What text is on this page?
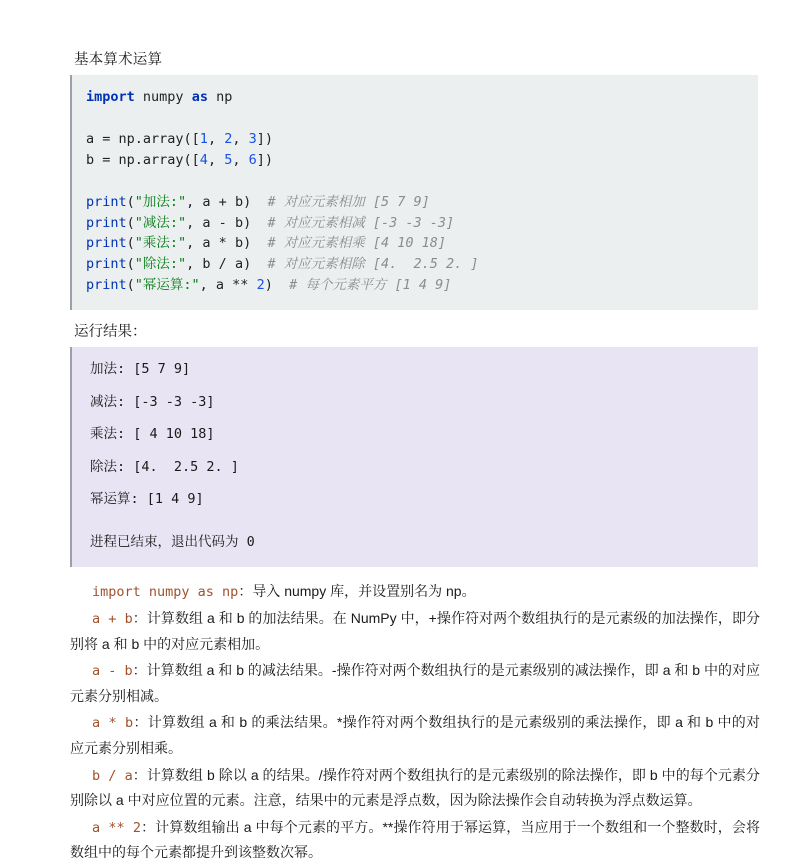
基本算术运算
import numpy as np

a = np.array([1, 2, 3])
b = np.array([4, 5, 6])

print("加法:", a + b)  # 对应元素相加 [5 7 9]
print("减法:", a - b)  # 对应元素相减 [-3 -3 -3]
print("乘法:", a * b)  # 对应元素相乘 [4 10 18]
print("除法:", b / a)  # 对应元素相除 [4.  2.5 2. ]
print("幂运算:", a ** 2)  # 每个元素平方 [1 4 9]
运行结果：
加法: [5 7 9]
减法: [-3 -3 -3]
乘法: [ 4 10 18]
除法: [4.  2.5 2. ]
幂运算: [1 4 9]
进程已结束，退出代码为 0

import numpy as np：导入 numpy 库，并设置别名为 np。

a + b：计算数组 a 和 b 的加法结果。在 NumPy 中，+操作符对两个数组执行的是元素级的加法操作，即分别将 a 和 b 中的对应元素相加。

a - b：计算数组 a 和 b 的减法结果。-操作符对两个数组执行的是元素级别的减法操作，即 a 和 b 中的对应元素分别相减。

a * b：计算数组 a 和 b 的乘法结果。*操作符对两个数组执行的是元素级别的乘法操作，即 a 和 b 中的对应元素分别相乘。

b / a：计算数组 b 除以 a 的结果。/操作符对两个数组执行的是元素级别的除法操作，即 b 中的每个元素分别除以 a 中对应位置的元素。注意，结果中的元素是浮点数，因为除法操作会自动转换为浮点数运算。

a ** 2：计算数组输出 a 中每个元素的平方。**操作符用于幂运算，当应用于一个数组和一个整数时，会将数组中的每个元素都提升到该整数次幂。
